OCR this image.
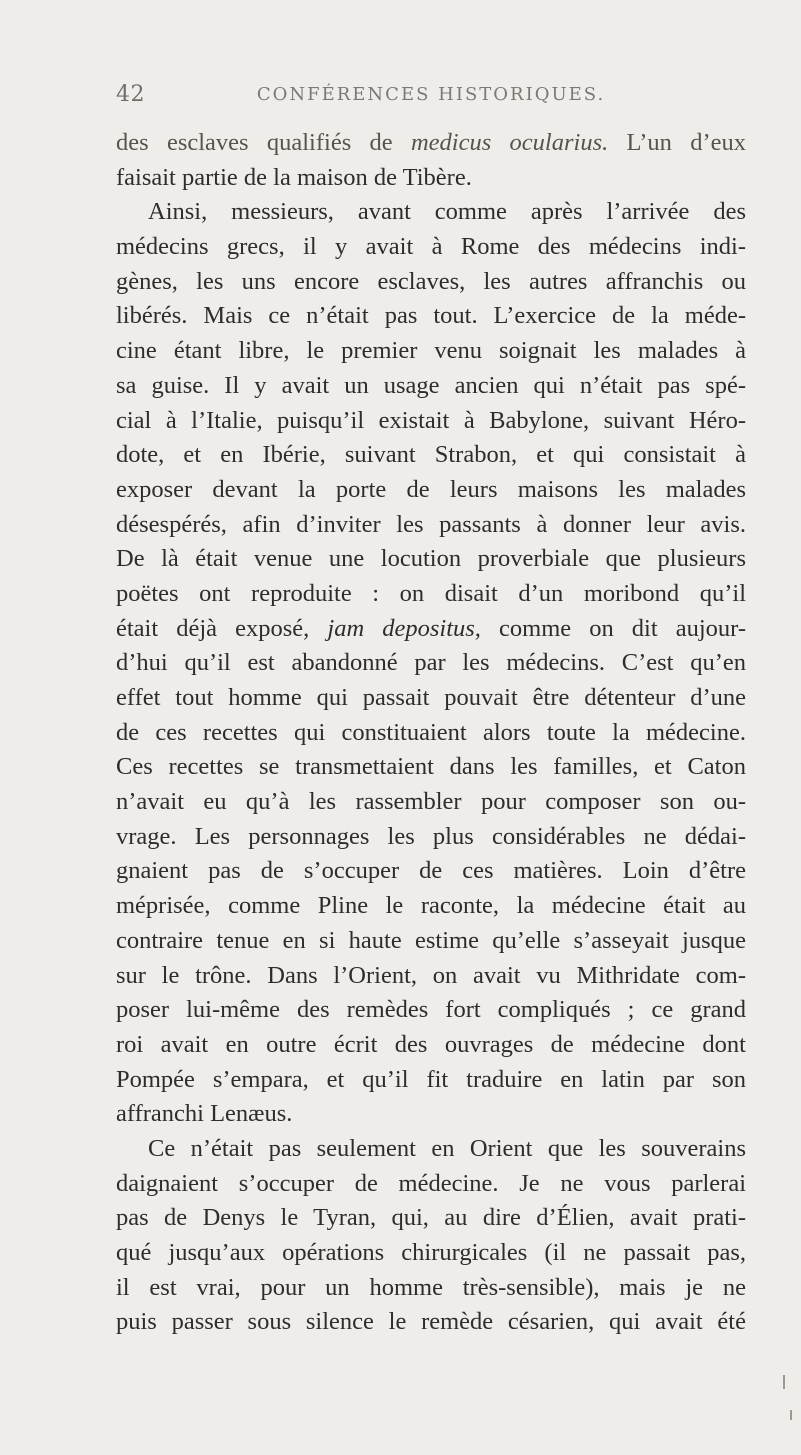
42	CONFÉRENCES HISTORIQUES.
des esclaves qualifiés de medicus ocularius. L’un d’eux
faisait partie de la maison de Tibère.
Ainsi, messieurs, avant comme après l’arrivée des
médecins grecs, il y avait à Rome des médecins indi-
gènes, les uns encore esclaves, les autres affranchis ou
libérés. Mais ce n’était pas tout. L’exercice de la méde-
cine étant libre, le premier venu soignait les malades à
sa guise. Il y avait un usage ancien qui n’était pas spé-
cial à l’Italie, puisqu’il existait à Babylone, suivant Héro-
dote, et en Ibérie, suivant Strabon, et qui consistait à
exposer devant la porte de leurs maisons les malades
désespérés, afin d’inviter les passants à donner leur avis.
De là était venue une locution proverbiale que plusieurs
poëtes ont reproduite : on disait d’un moribond qu’il
était déjà exposé, jam depositus, comme on dit aujour-
d’hui qu’il est abandonné par les médecins. C’est qu’en
effet tout homme qui passait pouvait être détenteur d’une
de ces recettes qui constituaient alors toute la médecine.
Ces recettes se transmettaient dans les familles, et Caton
n’avait eu qu’à les rassembler pour composer son ou-
vrage. Les personnages les plus considérables ne dédai-
gnaient pas de s’occuper de ces matières. Loin d’être
méprisée, comme Pline le raconte, la médecine était au
contraire tenue en si haute estime qu’elle s’asseyait jusque
sur le trône. Dans l’Orient, on avait vu Mithridate com-
poser lui-même des remèdes fort compliqués ; ce grand
roi avait en outre écrit des ouvrages de médecine dont
Pompée s’empara, et qu’il fit traduire en latin par son
affranchi Lenæus.
Ce n’était pas seulement en Orient que les souverains
daignaient s’occuper de médecine. Je ne vous parlerai
pas de Denys le Tyran, qui, au dire d’Élien, avait prati-
qué jusqu’aux opérations chirurgicales (il ne passait pas,
il est vrai, pour un homme très-sensible), mais je ne
puis passer sous silence le remède césarien, qui avait été
